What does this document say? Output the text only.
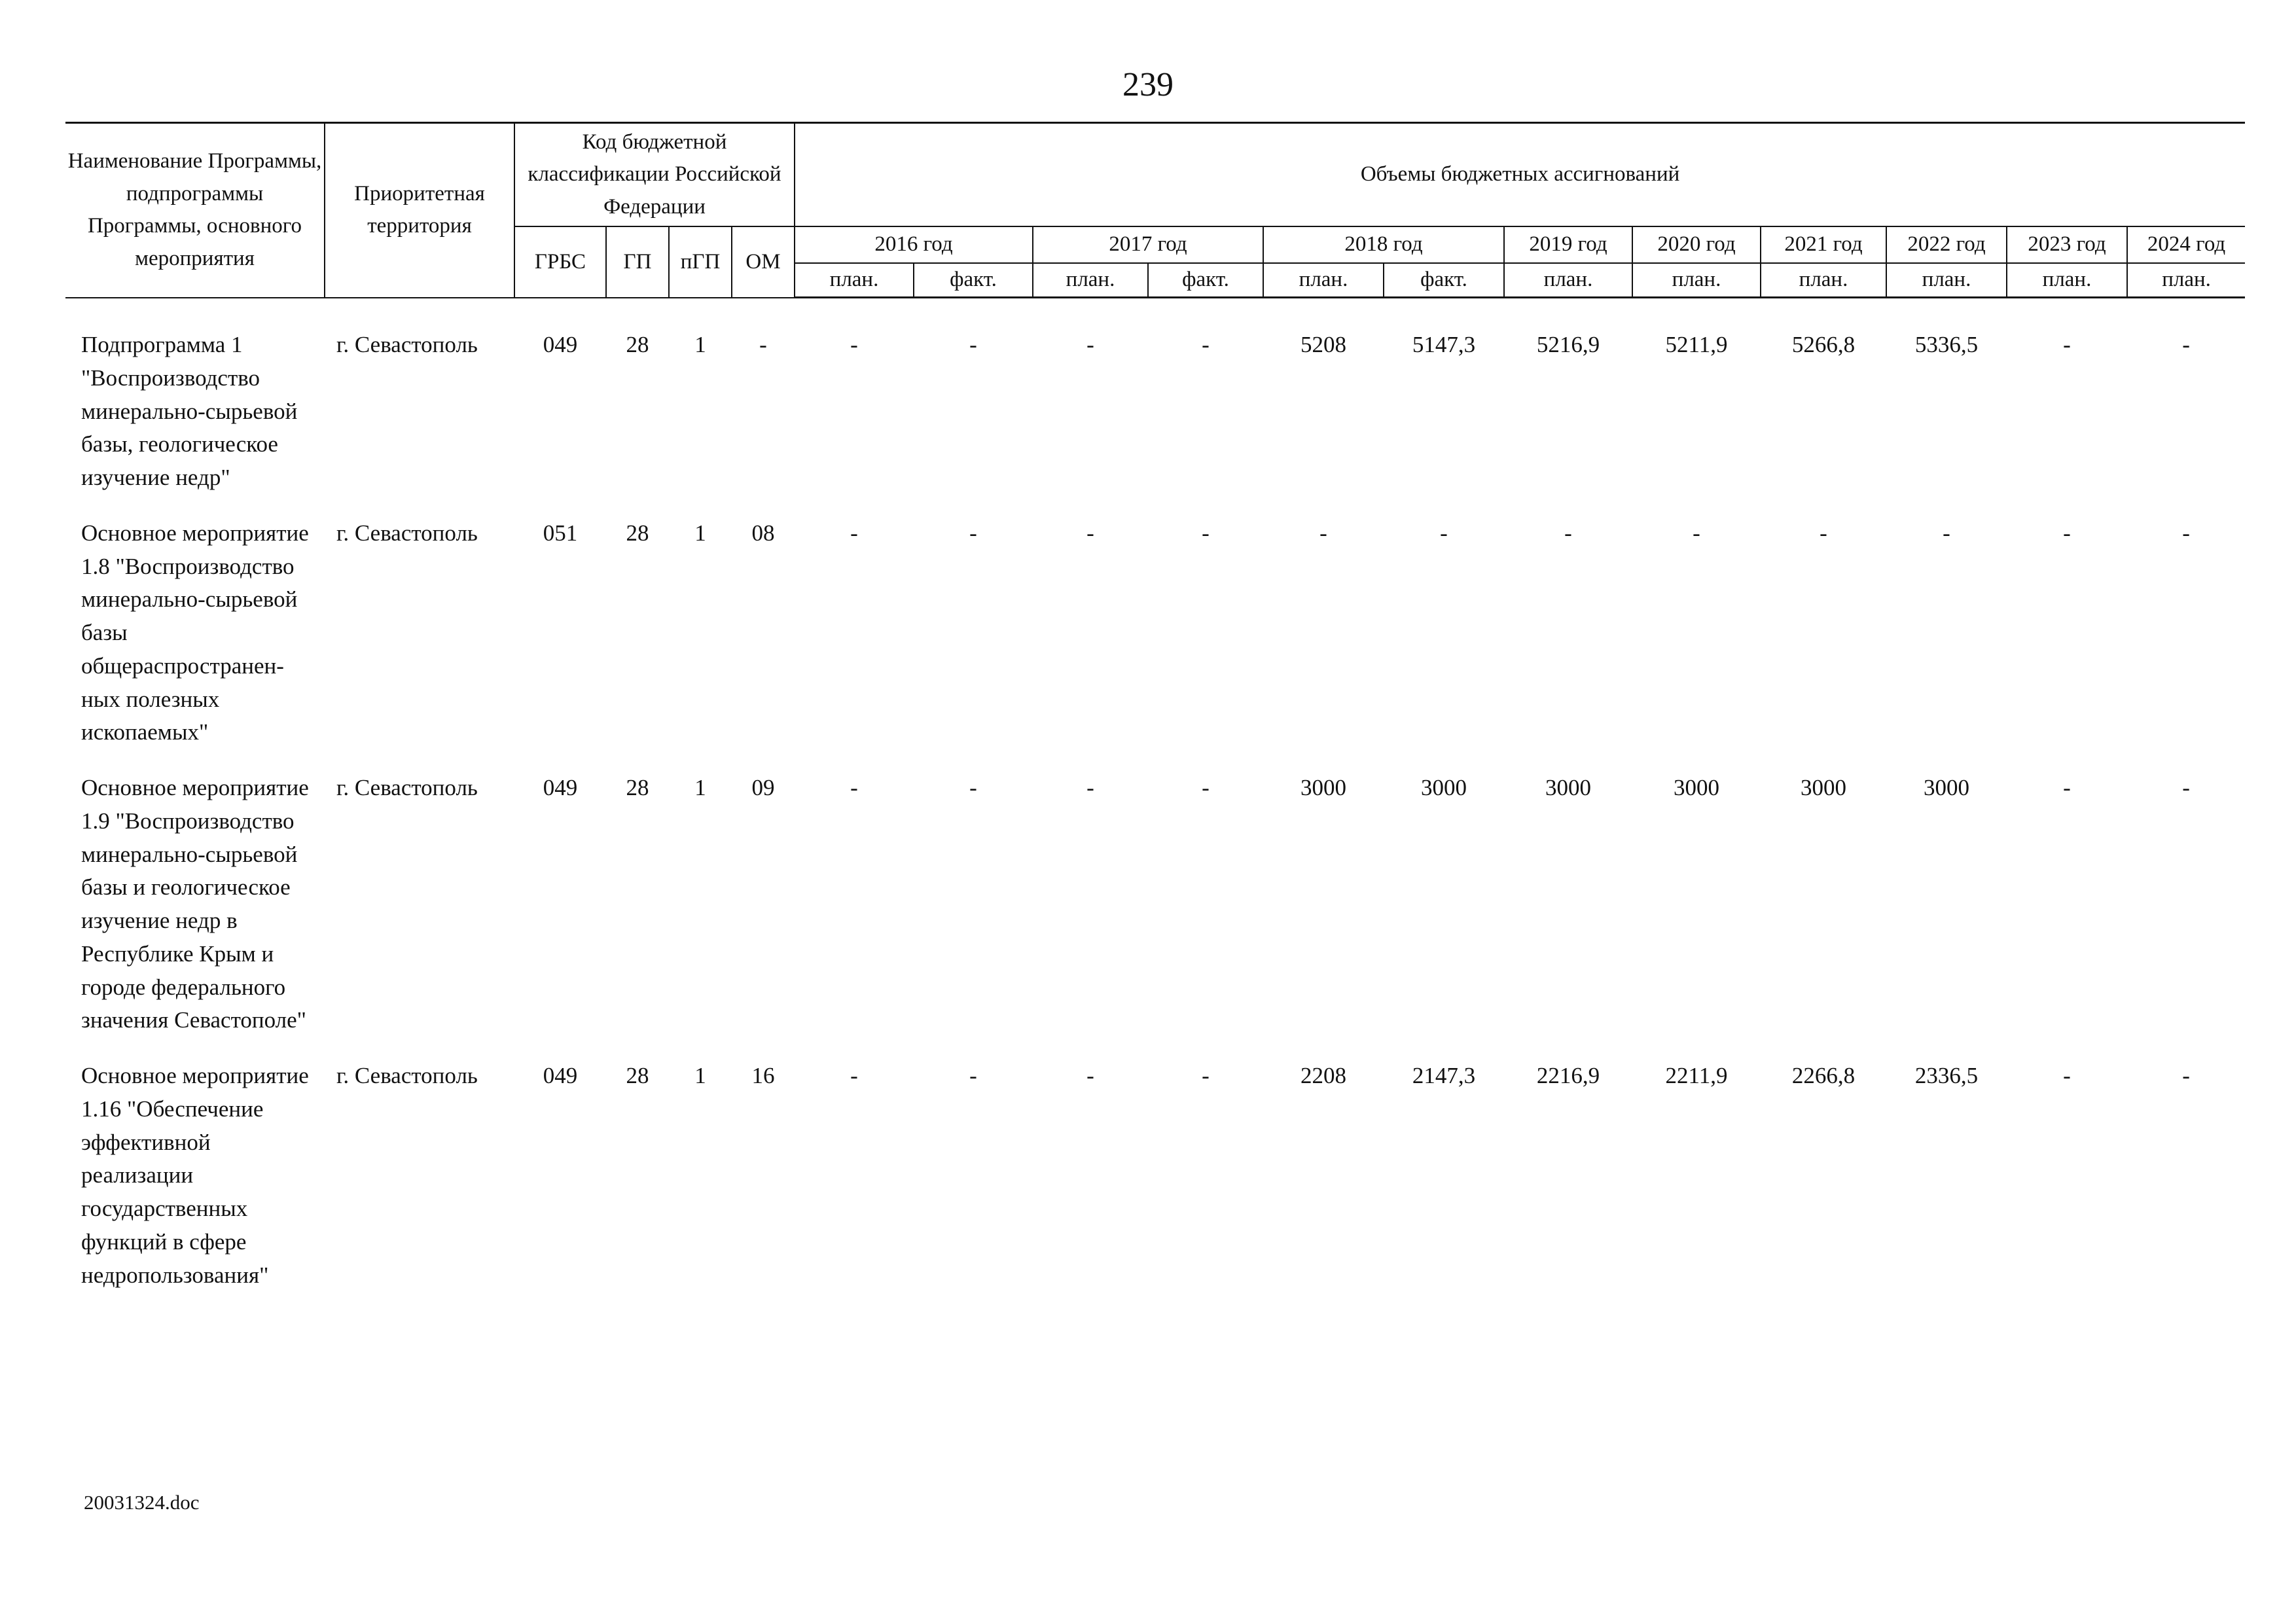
239
Наименование Программы, подпрограммы Программы, основного мероприятия	Приоритетная территория	Код бюджетной классификации Российской Федерации				Объемы бюджетных ассигнований											
		ГРБС	ГП	пГП	ОМ	2016 год		2017 год		2018 год		2019 год	2020 год	2021 год	2022 год	2023 год	2024 год
						план.	факт.	план.	факт.	план.	факт.	план.	план.	план.	план.	план.	план.

Подпрограмма 1 "Воспроизводство минерально-сырьевой базы, геологическое изучение недр"	г. Севастополь	049	28	1	-	-	-	-	-	5208	5147,3	5216,9	5211,9	5266,8	5336,5	-	-
Основное мероприятие 1.8 "Воспроизводство минерально-сырьевой базы общераспространен-ных полезных ископаемых"	г. Севастополь	051	28	1	08	-	-	-	-	-	-	-	-	-	-	-	-
Основное мероприятие 1.9 "Воспроизводство минерально-сырьевой базы и геологическое изучение недр в Республике Крым и городе федерального значения Севастополе"	г. Севастополь	049	28	1	09	-	-	-	-	3000	3000	3000	3000	3000	3000	-	-
Основное мероприятие 1.16 "Обеспечение эффективной реализации государственных функций в сфере недропользования"	г. Севастополь	049	28	1	16	-	-	-	-	2208	2147,3	2216,9	2211,9	2266,8	2336,5	-	-
20031324.doc
